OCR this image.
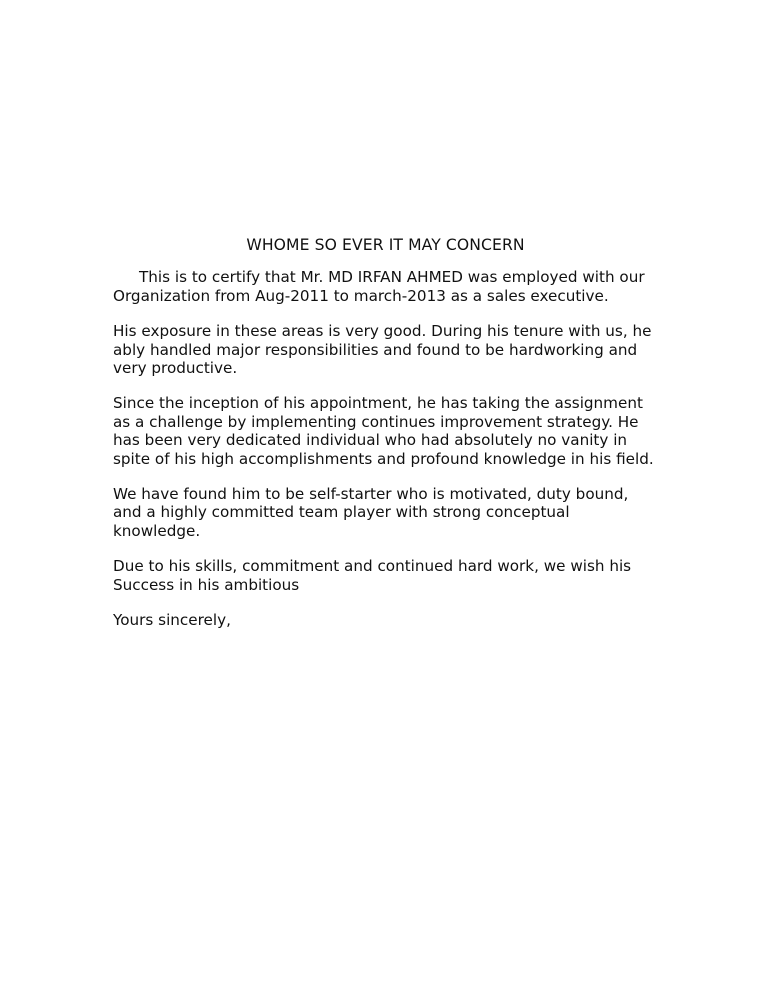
WHOME SO EVER IT MAY CONCERN

This is to certify that Mr. MD IRFAN AHMED was employed with our Organization from Aug-2011 to march-2013 as a sales executive.

His exposure in these areas is very good. During his tenure with us, he ably handled major responsibilities and found to be hardworking and very productive.

Since the inception of his appointment, he has taking the assignment as a challenge by implementing continues improvement strategy. He has been very dedicated individual who had absolutely no vanity in spite of his high accomplishments and profound knowledge in his field.

We have found him to be self-starter who is motivated, duty bound, and a highly committed team player with strong conceptual knowledge.

Due to his skills, commitment and continued hard work, we wish his Success in his ambitious

Yours sincerely,
